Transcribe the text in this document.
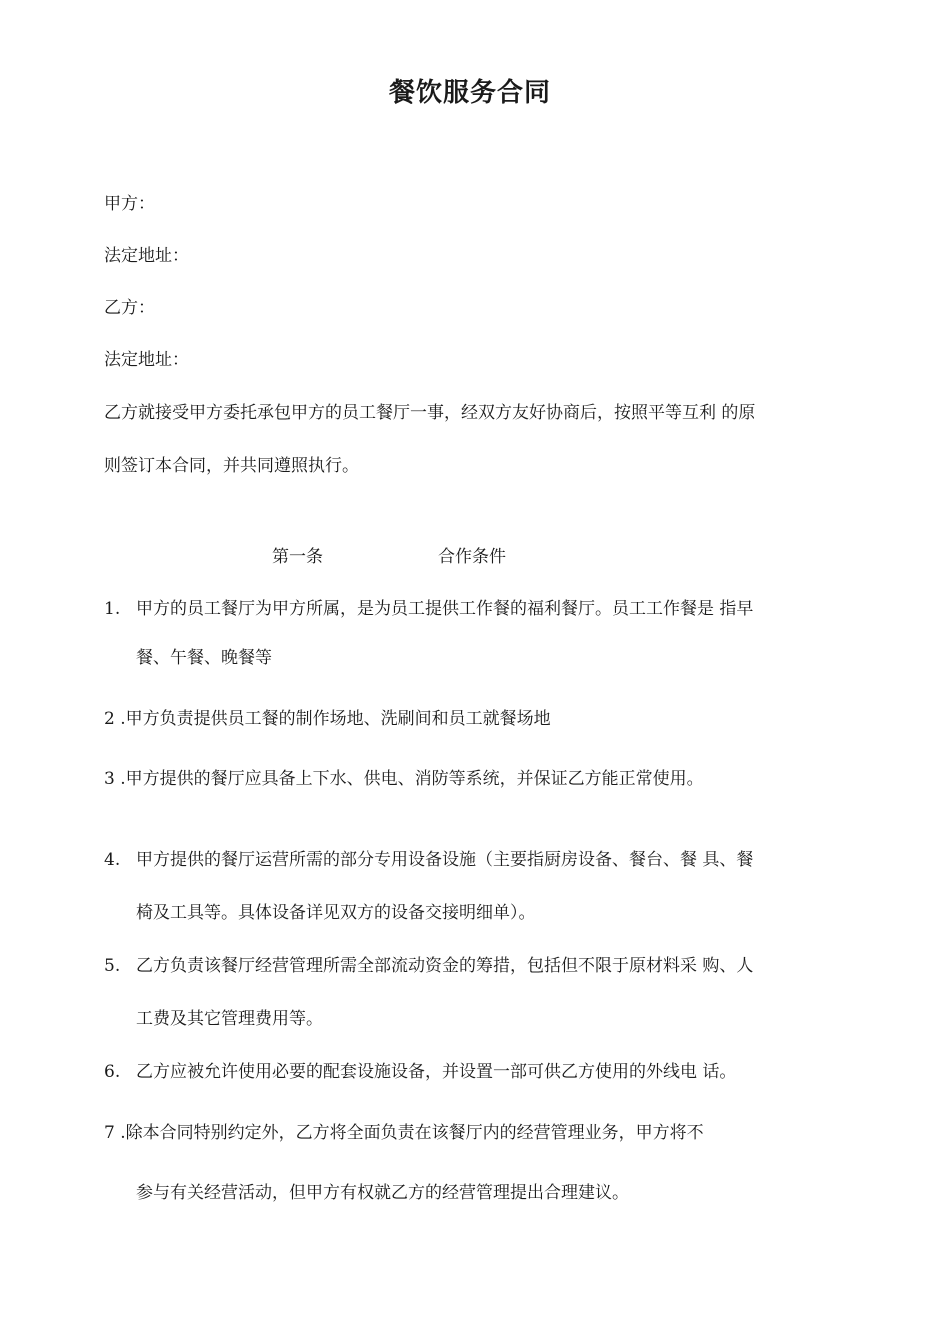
餐饮服务合同
甲方：
法定地址：
乙方：
法定地址：
乙方就接受甲方委托承包甲方的员工餐厅一事，经双方友好协商后，按照平等互利 的原
则签订本合同，并共同遵照执行。
第一条	合作条件
1. 甲方的员工餐厅为甲方所属，是为员工提供工作餐的福利餐厅。员工工作餐是 指早
餐、午餐、晚餐等
2 .甲方负责提供员工餐的制作场地、洗刷间和员工就餐场地
3 .甲方提供的餐厅应具备上下水、供电、消防等系统，并保证乙方能正常使用。
4. 甲方提供的餐厅运营所需的部分专用设备设施（主要指厨房设备、餐台、餐 具、餐
椅及工具等。具体设备详见双方的设备交接明细单）。
5. 乙方负责该餐厅经营管理所需全部流动资金的筹措，包括但不限于原材料采 购、人
工费及其它管理费用等。
6. 乙方应被允许使用必要的配套设施设备，并设置一部可供乙方使用的外线电 话。
7 .除本合同特别约定外，乙方将全面负责在该餐厅内的经营管理业务，甲方将不
参与有关经营活动，但甲方有权就乙方的经营管理提出合理建议。
